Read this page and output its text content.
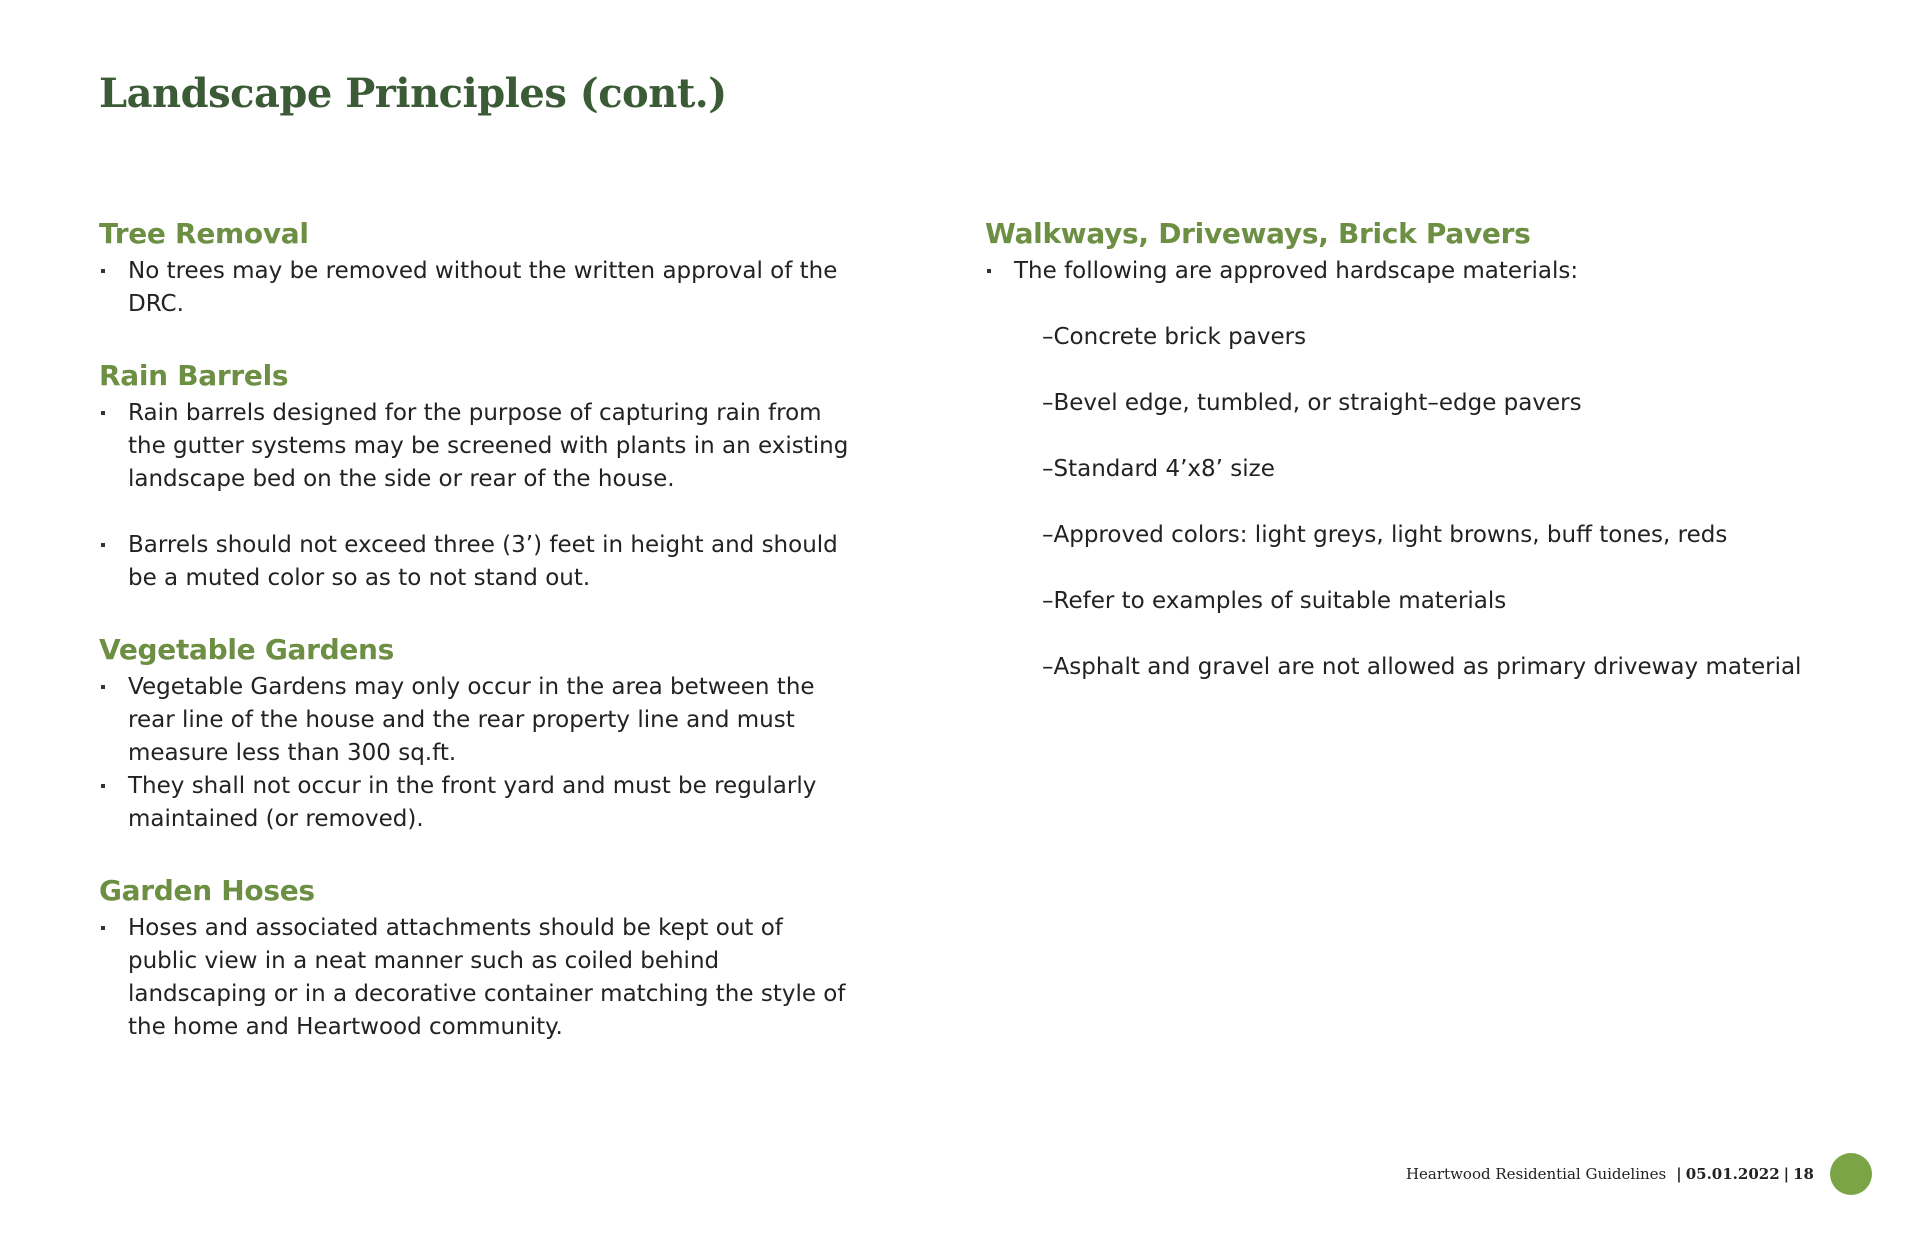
Landscape Principles (cont.)
Tree Removal
No trees may be removed without the written approval of the DRC.
Rain Barrels
Rain barrels designed for the purpose of capturing rain from the gutter systems may be screened with plants in an existing landscape bed on the side or rear of the house.
Barrels should not exceed three (3’) feet in height and should be a muted color so as to not stand out.
Vegetable Gardens
Vegetable Gardens may only occur in the area between the rear line of the house and the rear property line and must measure less than 300 sq.ft.
They shall not occur in the front yard and must be regularly maintained (or removed).
Garden Hoses
Hoses and associated attachments should be kept out of public view in a neat manner such as coiled behind landscaping or in a decorative container matching the style of the home and Heartwood community.
Walkways, Driveways, Brick Pavers
The following are approved hardscape materials:
–Concrete brick pavers
–Bevel edge, tumbled, or straight–edge pavers
–Standard 4’x8’ size
–Approved colors: light greys, light browns, buff tones, reds
–Refer to examples of suitable materials
–Asphalt and gravel are not allowed as primary driveway material
Heartwood Residential Guidelines | 05.01.2022 | 18
